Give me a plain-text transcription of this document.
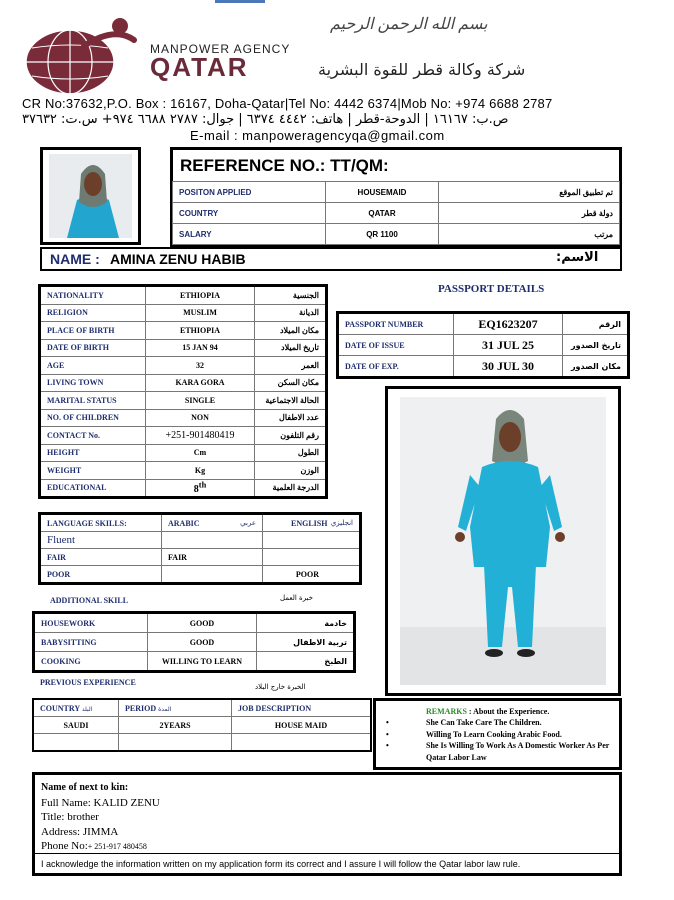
بسم الله الرحمن الرحيم
MANPOWER AGENCY
QATAR	شركة وكالة قطر للقوة البشرية
CR No:37632,P.O. Box : 16167, Doha-Qatar|Tel No: 4442 6374|Mob No: +974 6688 2787
ص.ب: ١٦١٦٧ | الدوحة-قطر | هاتف: ٤٤٤٢ ٦٣٧٤ | جوال: ٢٧٨٧ ٦٦٨٨ ٩٧٤+ س.ت: ٣٧٦٣٢
E-mail : manpoweragencyqa@gmail.com
REFERENCE NO.: TT/QM:
POSITON APPLIED	HOUSEMAID	تم تطبيق الموقع
COUNTRY	QATAR	دولة قطر
SALARY	QR 1100	مرتب
NAME : AMINA ZENU HABIB	الاسم:
NATIONALITY	ETHIOPIA	الجنسية
RELIGION	MUSLIM	الديانة
PLACE OF BIRTH	ETHIOPIA	مكان الميلاد
DATE OF BIRTH	15 JAN 94	تاريخ الميلاد
AGE	32	العمر
LIVING TOWN	KARA GORA	مكان السكن
MARITAL STATUS	SINGLE	الحالة الاجتماعية
NO. OF CHILDREN	NON	عدد الاطفال
CONTACT No.	+251-901480419	رقم التلفون
HEIGHT	Cm	الطول
WEIGHT	Kg	الوزن
EDUCATIONAL	8th	الدرجة العلمية
PASSPORT DETAILS
PASSPORT NUMBER	EQ1623207	الرقم
DATE OF ISSUE	31 JUL 25	تاريخ الصدور
DATE OF EXP.	30 JUL 30	مكان الصدور
LANGUAGE SKILLS:	ARABIC عربي	ENGLISH انجليزي

Fluent		
FAIR	FAIR	
POOR		POOR
ADDITIONAL SKILL	خبرة العمل
HOUSEWORK	GOOD	خادمة
BABYSITTING	GOOD	تربية الاطفال
COOKING	WILLING TO LEARN	الطبخ
PREVIOUS EXPERIENCE	الخبرة خارج البلاد
COUNTRY البلد	PERIOD المدة	JOB DESCRIPTION
SAUDI	2YEARS	HOUSE MAID

REMARKS : About the Experience.
• She Can Take Care The Children.
• Willing To Learn Cooking Arabic Food.
• She Is Willing To Work As A Domestic Worker As Per Qatar Labor Law
Name of next to kin:
Full Name: KALID ZENU
Title: brother
Address: JIMMA
Phone No:+ 251-917 480458
I acknowledge the information written on my application form its correct and I assure I will follow the Qatar labor law rule.
